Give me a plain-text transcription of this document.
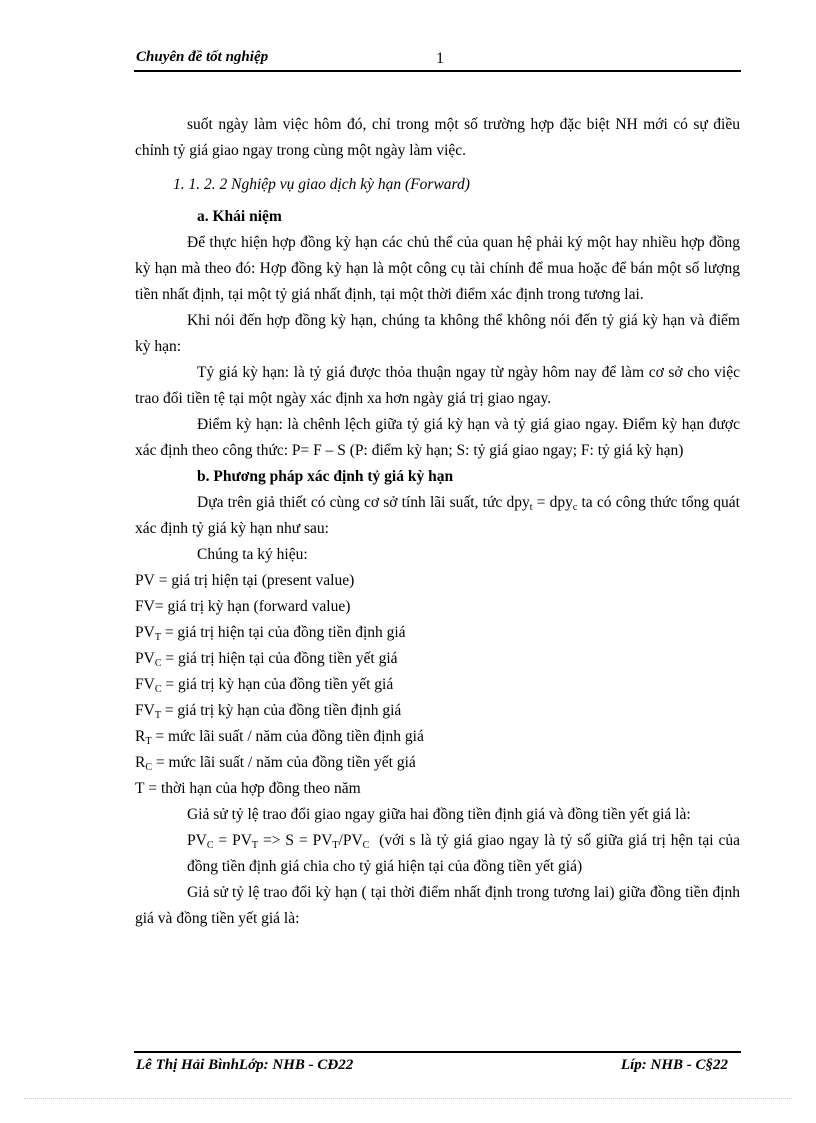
Chuyên đề tốt nghiệp	1

suốt ngày làm việc hôm đó, chỉ trong một số trường hợp đặc biệt NH mới có sự điều chỉnh tỷ giá giao ngay trong cùng một ngày làm việc.

1. 1. 2. 2 Nghiệp vụ giao dịch kỳ hạn (Forward)

a. Khái niệm

Để thực hiện hợp đồng kỳ hạn các chủ thể của quan hệ phải ký một hay nhiều hợp đồng kỳ hạn mà theo đó: Hợp đồng kỳ hạn là một công cụ tài chính để mua hoặc để bán một số lượng tiền nhất định, tại một tỷ giá nhất định, tại một thời điểm xác định trong tương lai.

Khi nói đến hợp đồng kỳ hạn, chúng ta không thể không nói đến tỷ giá kỳ hạn và điểm kỳ hạn:

Tỷ giá kỳ hạn: là tỷ giá được thỏa thuận ngay từ ngày hôm nay để làm cơ sở cho việc trao đổi tiền tệ tại một ngày xác định xa hơn ngày giá trị giao ngay.

Điểm kỳ hạn: là chênh lệch giữa tỷ giá kỳ hạn và tỷ giá giao ngay. Điểm kỳ hạn được xác định theo công thức: P= F – S (P: điểm kỳ hạn; S: tỷ giá giao ngay; F: tỷ giá kỳ hạn)

b. Phương pháp xác định tỷ giá kỳ hạn

Dựa trên giả thiết có cùng cơ sở tính lãi suất, tức dpy$_t$ = dpy$_c$ ta có công thức tổng quát xác định tỷ giá kỳ hạn như sau:

Chúng ta ký hiệu:

PV = giá trị hiện tại (present value)
FV= giá trị kỳ hạn (forward value)
$PV_T$ = giá trị hiện tại của đồng tiền định giá
$PV_C$ = giá trị hiện tại của đồng tiền yết giá
$FV_C$ = giá trị kỳ hạn của đồng tiền yết giá
$FV_T$ = giá trị kỳ hạn của đồng tiền định giá
$R_T$ = mức lãi suất / năm của đồng tiền định giá
$R_C$ = mức lãi suất / năm của đồng tiền yết giá
T = thời hạn của hợp đồng theo năm

Giả sử tỷ lệ trao đổi giao ngay giữa hai đồng tiền định giá và đồng tiền yết giá là:

$PV_C = PV_T => S = PV_T/PV_C$ (với s là tỷ giá giao ngay là tỷ số giữa giá trị hện tại của đồng tiền định giá chia cho tỷ giá hiện tại của đồng tiền yết giá)

Giả sử tỷ lệ trao đổi kỳ hạn ( tại thời điểm nhất định trong tương lai) giữa đồng tiền định giá và đồng tiền yết giá là:

Lê Thị Hải BìnhLớp: NHB - CĐ22	Líp: NHB - C§22
